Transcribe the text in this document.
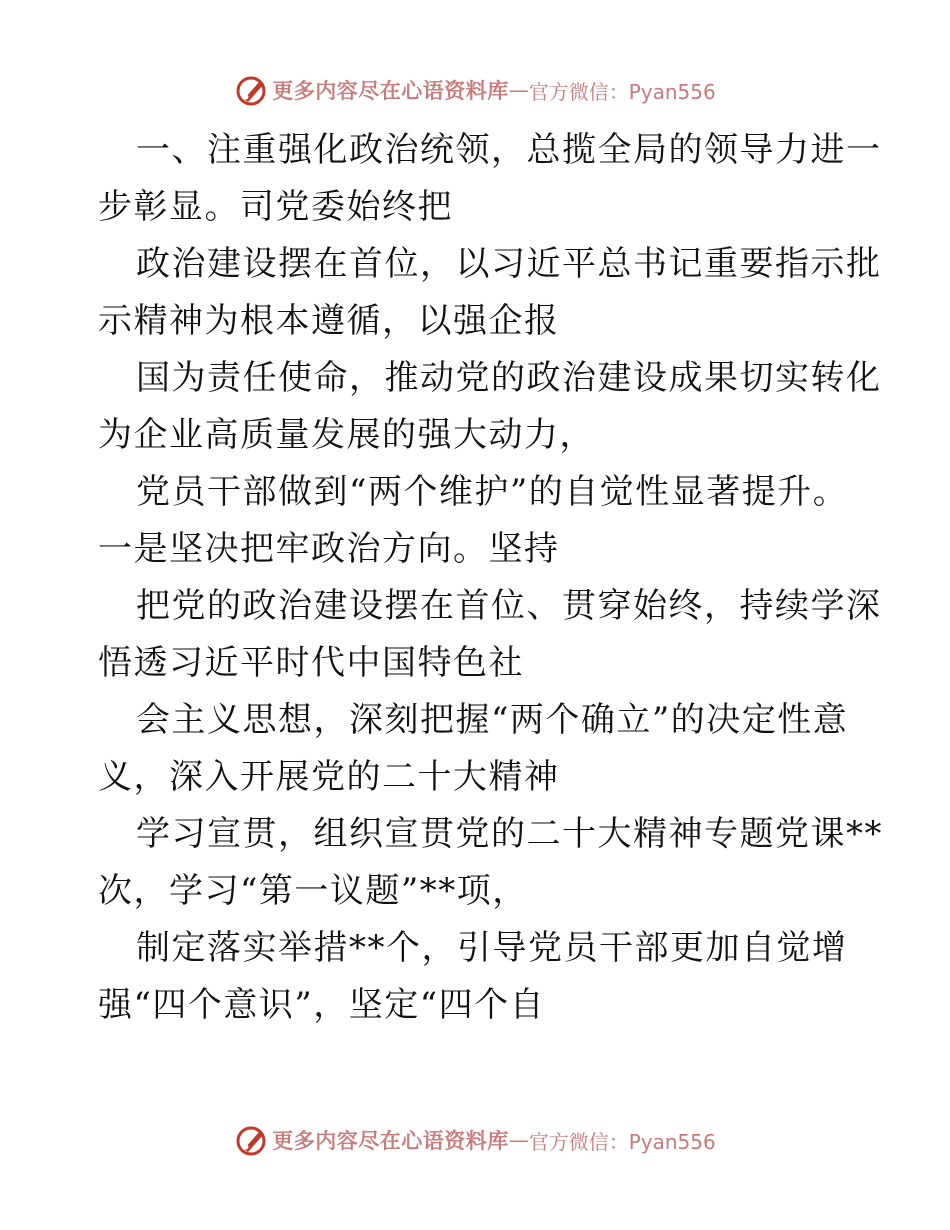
更多内容尽在心语资料库 — 官方微信：Pyan556

一、注重强化政治统领，总揽全局的领导力进一
步彰显。司党委始终把

政治建设摆在首位，以习近平总书记重要指示批
示精神为根本遵循，以强企报

国为责任使命，推动党的政治建设成果切实转化
为企业高质量发展的强大动力，

党员干部做到“两个维护”的自觉性显著提升。
一是坚决把牢政治方向。坚持

把党的政治建设摆在首位、贯穿始终，持续学深
悟透习近平时代中国特色社

会主义思想，深刻把握“两个确立”的决定性意
义，深入开展党的二十大精神

学习宣贯，组织宣贯党的二十大精神专题党课**
次，学习“第一议题”**项，

制定落实举措**个，引导党员干部更加自觉增
强“四个意识”，坚定“四个自

更多内容尽在心语资料库 — 官方微信：Pyan556
